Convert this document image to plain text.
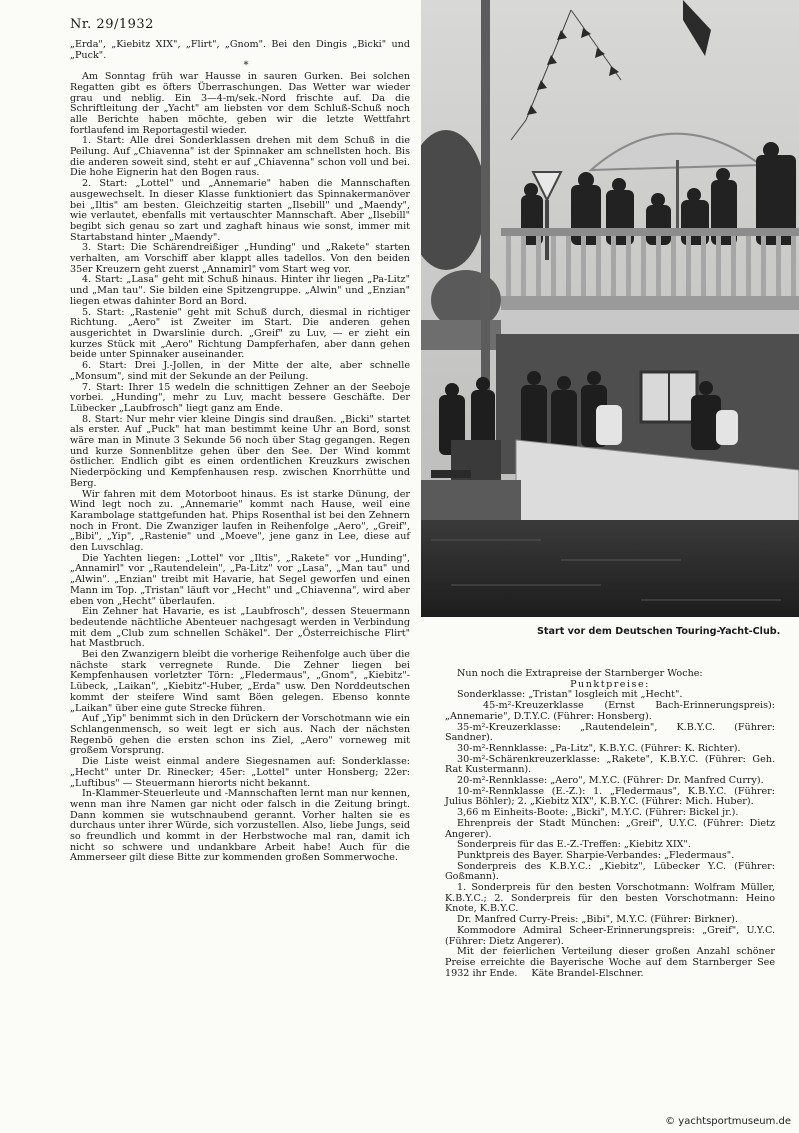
Nr. 29/1932

„Erda", „Kiebitz XIX", „Flirt", „Gnom". Bei den Dingis „Bicki" und „Puck".

*

Am Sonntag früh war Hausse in sauren Gurken. Bei solchen Regatten gibt es öfters Überraschungen. Das Wetter war wieder grau und neblig. Ein 3—4-m/sek.-Nord frischte auf. Da die Schriftleitung der „Yacht" am liebsten vor dem Schluß-Schuß noch alle Berichte haben möchte, geben wir die letzte Wettfahrt fortlaufend im Reportagestil wieder.

1. Start: Alle drei Sonderklassen drehen mit dem Schuß in die Peilung. Auf „Chiavenna" ist der Spinnaker am schnellsten hoch. Bis die anderen soweit sind, steht er auf „Chiavenna" schon voll und bei. Die hohe Eignerin hat den Bogen raus.

2. Start: „Lottel" und „Annemarie" haben die Mannschaften ausgewechselt. In dieser Klasse funktioniert das Spinnakermanöver bei „Iltis" am besten. Gleichzeitig starten „Ilsebill" und „Maendy", wie verlautet, ebenfalls mit vertauschter Mannschaft. Aber „Ilsebill" begibt sich genau so zart und zaghaft hinaus wie sonst, immer mit Startabstand hinter „Maendy".

3. Start: Die Schärendreißiger „Hunding" und „Rakete" starten verhalten, am Vorschiff aber klappt alles tadellos. Von den beiden 35er Kreuzern geht zuerst „Annamirl" vom Start weg vor.

4. Start: „Lasa" geht mit Schuß hinaus. Hinter ihr liegen „Pa-Litz" und „Man tau". Sie bilden eine Spitzengruppe. „Alwin" und „Enzian" liegen etwas dahinter Bord an Bord.

5. Start: „Rastenie" geht mit Schuß durch, diesmal in richtiger Richtung. „Aero" ist Zweiter im Start. Die anderen gehen ausgerichtet in Dwarslinie durch. „Greif" zu Luv, — er zieht ein kurzes Stück mit „Aero" Richtung Dampferhafen, aber dann gehen beide unter Spinnaker auseinander.

6. Start: Drei J.-Jollen, in der Mitte der alte, aber schnelle „Monsum", sind mit der Sekunde an der Peilung.

7. Start: Ihrer 15 wedeln die schnittigen Zehner an der Seeboje vorbei. „Hunding", mehr zu Luv, macht bessere Geschäfte. Der Lübecker „Laubfrosch" liegt ganz am Ende.

8. Start: Nur mehr vier kleine Dingis sind draußen. „Bicki" startet als erster. Auf „Puck" hat man bestimmt keine Uhr an Bord, sonst wäre man in Minute 3 Sekunde 56 noch über Stag gegangen. Regen und kurze Sonnenblitze gehen über den See. Der Wind kommt östlicher. Endlich gibt es einen ordentlichen Kreuzkurs zwischen Niederpöcking und Kempfenhausen resp. zwischen Knorrhütte und Berg.

Wir fahren mit dem Motorboot hinaus. Es ist starke Dünung, der Wind legt noch zu. „Annemarie" kommt nach Hause, weil eine Karambolage stattgefunden hat. Phips Rosenthal ist bei den Zehnern noch in Front. Die Zwanziger laufen in Reihenfolge „Aero", „Greif", „Bibi", „Yip", „Rastenie" und „Moeve", jene ganz in Lee, diese auf den Luvschlag.

Die Yachten liegen: „Lottel" vor „Iltis", „Rakete" vor „Hunding", „Annamirl" vor „Rautendelein", „Pa-Litz" vor „Lasa", „Man tau" und „Alwin". „Enzian" treibt mit Havarie, hat Segel geworfen und einen Mann im Top. „Tristan" läuft vor „Hecht" und „Chiavenna", wird aber eben von „Hecht" überlaufen.

Ein Zehner hat Havarie, es ist „Laubfrosch", dessen Steuermann bedeutende nächtliche Abenteuer nachgesagt werden in Verbindung mit dem „Club zum schnellen Schäkel". Der „Österreichische Flirt" hat Mastbruch.

Bei den Zwanzigern bleibt die vorherige Reihenfolge auch über die nächste stark verregnete Runde. Die Zehner liegen bei Kempfenhausen vorletzter Törn: „Fledermaus", „Gnom", „Kiebitz"-Lübeck, „Laikan", „Kiebitz"-Huber, „Erda" usw. Den Norddeutschen kommt der steifere Wind samt Böen gelegen. Ebenso konnte „Laikan" über eine gute Strecke führen.

Auf „Yip" benimmt sich in den Drückern der Vorschotmann wie ein Schlangenmensch, so weit legt er sich aus. Nach der nächsten Regenbö gehen die ersten schon ins Ziel, „Aero" vorneweg mit großem Vorsprung.

Die Liste weist einmal andere Siegesnamen auf: Sonderklasse: „Hecht" unter Dr. Rinecker; 45er: „Lottel" unter Honsberg; 22er: „Luftibus" — Steuermann hierorts nicht bekannt.

In-Klammer-Steuerleute und -Mannschaften lernt man nur kennen, wenn man ihre Namen gar nicht oder falsch in die Zeitung bringt. Dann kommen sie wutschnaubend gerannt. Vorher halten sie es durchaus unter ihrer Würde, sich vorzustellen. Also, liebe Jungs, seid so freundlich und kommt in der Herbstwoche mal ran, damit ich nicht so schwere und undankbare Arbeit habe! Auch für die Ammerseer gilt diese Bitte zur kommenden großen Sommerwoche.

Start vor dem Deutschen Touring-Yacht-Club.

Nun noch die Extrapreise der Starnberger Woche:

Punktpreise:

Sonderklasse: „Tristan" losgleich mit „Hecht".

45-m²-Kreuzerklasse (Ernst Bach-Erinnerungspreis): „Annemarie", D.T.Y.C. (Führer: Honsberg).

35-m²-Kreuzerklasse: „Rautendelein", K.B.Y.C. (Führer: Sandner).

30-m²-Rennklasse: „Pa-Litz", K.B.Y.C. (Führer: K. Richter).

30-m²-Schärenkreuzerklasse: „Rakete", K.B.Y.C. (Führer: Geh. Rat Kustermann).

20-m²-Rennklasse: „Aero", M.Y.C. (Führer: Dr. Manfred Curry).

10-m²-Rennklasse (E.-Z.): 1. „Fledermaus", K.B.Y.C. (Führer: Julius Böhler); 2. „Kiebitz XIX", K.B.Y.C. (Führer: Mich. Huber).

3,66 m Einheits-Boote: „Bicki", M.Y.C. (Führer: Bickel jr.).

Ehrenpreis der Stadt München: „Greif", U.Y.C. (Führer: Dietz Angerer).

Sonderpreis für das E.-Z.-Treffen: „Kiebitz XIX".

Punktpreis des Bayer. Sharpie-Verbandes: „Fledermaus".

Sonderpreis des K.B.Y.C.: „Kiebitz", Lübecker Y.C. (Führer: Goßmann).

1. Sonderpreis für den besten Vorschotmann: Wolfram Müller, K.B.Y.C.; 2. Sonderpreis für den besten Vorschotmann: Heino Knote, K.B.Y.C.

Dr. Manfred Curry-Preis: „Bibi", M.Y.C. (Führer: Birkner).

Kommodore Admiral Scheer-Erinnerungspreis: „Greif", U.Y.C. (Führer: Dietz Angerer).

Mit der feierlichen Verteilung dieser großen Anzahl schöner Preise erreichte die Bayerische Woche auf dem Starnberger See 1932 ihr Ende. Käte Brandel-Elschner.

© yachtsportmuseum.de
